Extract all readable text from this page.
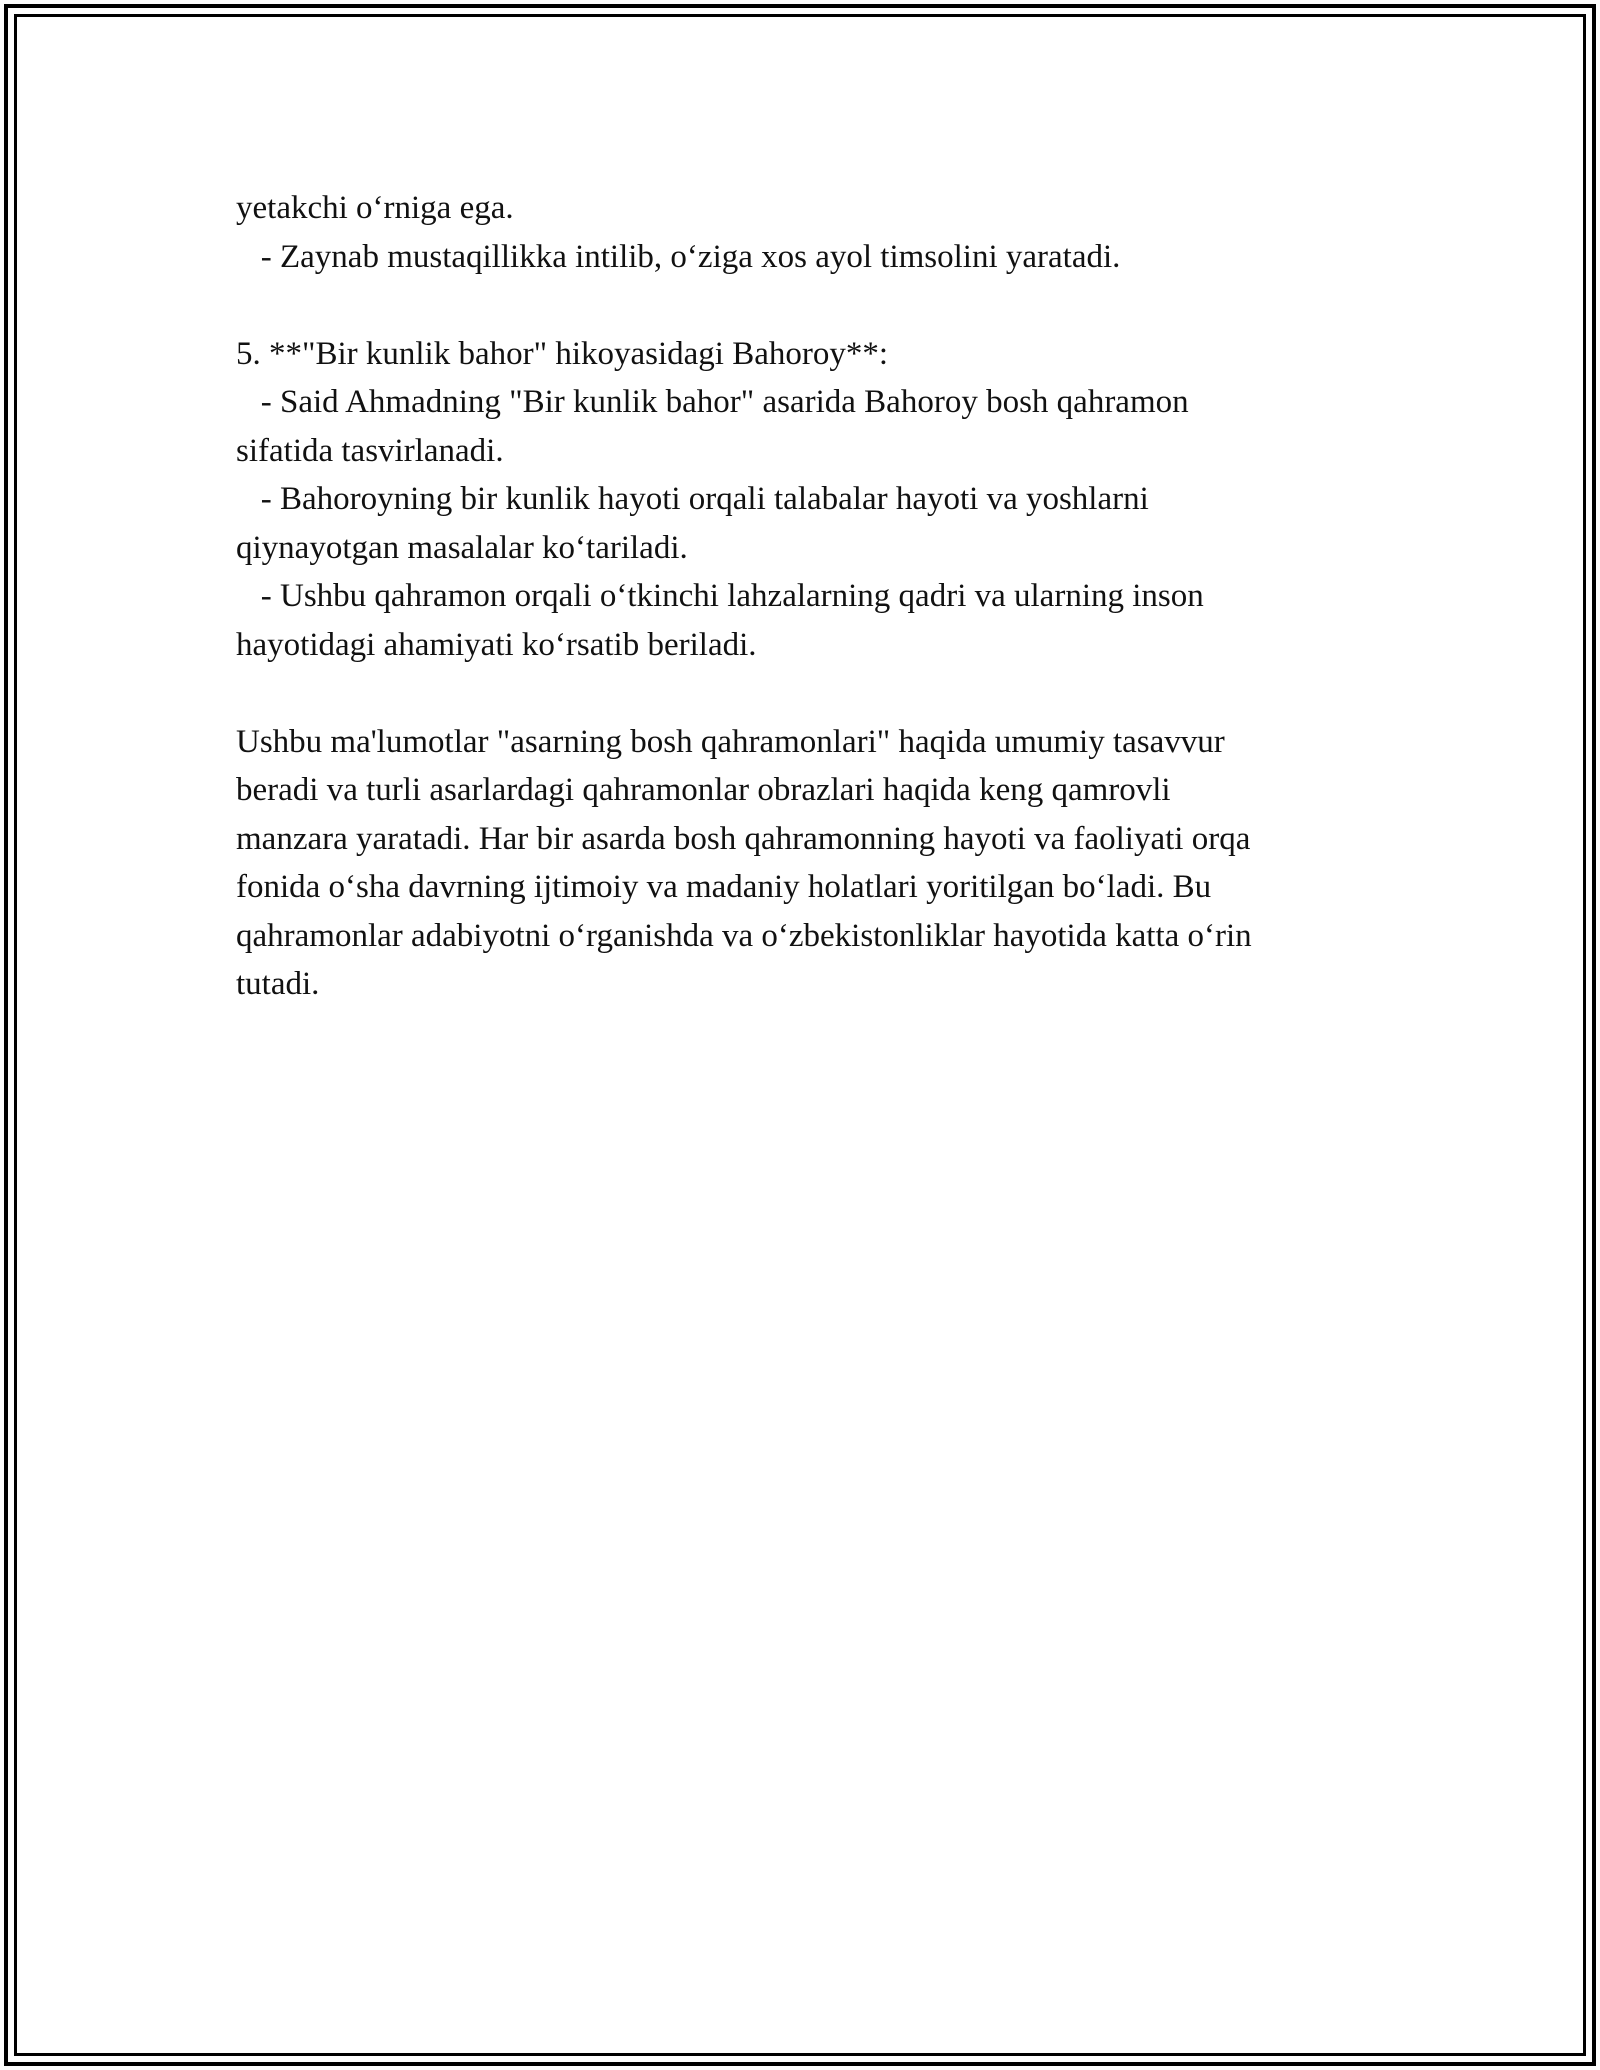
yetakchi o‘rniga ega.
- Zaynab mustaqillikka intilib, o‘ziga xos ayol timsolini yaratadi.
5. **"Bir kunlik bahor" hikoyasidagi Bahoroy**:
- Said Ahmadning "Bir kunlik bahor" asarida Bahoroy bosh qahramon
sifatida tasvirlanadi.
- Bahoroyning bir kunlik hayoti orqali talabalar hayoti va yoshlarni
qiynayotgan masalalar ko‘tariladi.
- Ushbu qahramon orqali o‘tkinchi lahzalarning qadri va ularning inson
hayotidagi ahamiyati ko‘rsatib beriladi.
Ushbu ma'lumotlar "asarning bosh qahramonlari" haqida umumiy tasavvur
beradi va turli asarlardagi qahramonlar obrazlari haqida keng qamrovli
manzara yaratadi. Har bir asarda bosh qahramonning hayoti va faoliyati orqa
fonida o‘sha davrning ijtimoiy va madaniy holatlari yoritilgan bo‘ladi. Bu
qahramonlar adabiyotni o‘rganishda va o‘zbekistonliklar hayotida katta o‘rin
tutadi.
